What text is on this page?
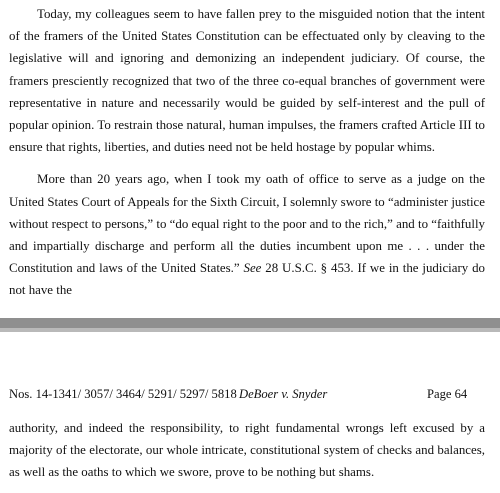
Today, my colleagues seem to have fallen prey to the misguided notion that the intent of the framers of the United States Constitution can be effectuated only by cleaving to the legislative will and ignoring and demonizing an independent judiciary. Of course, the framers presciently recognized that two of the three co-equal branches of government were representative in nature and necessarily would be guided by self-interest and the pull of popular opinion. To restrain those natural, human impulses, the framers crafted Article III to ensure that rights, liberties, and duties need not be held hostage by popular whims.

More than 20 years ago, when I took my oath of office to serve as a judge on the United States Court of Appeals for the Sixth Circuit, I solemnly swore to “administer justice without respect to persons,” to “do equal right to the poor and to the rich,” and to “faithfully and impartially discharge and perform all the duties incumbent upon me . . . under the Constitution and laws of the United States.” See 28 U.S.C. § 453. If we in the judiciary do not have the

Nos. 14-1341/ 3057/ 3464/ 5291/ 5297/ 5818 DeBoer v. Snyder	Page 64

authority, and indeed the responsibility, to right fundamental wrongs left excused by a majority of the electorate, our whole intricate, constitutional system of checks and balances, as well as the oaths to which we swore, prove to be nothing but shams.
